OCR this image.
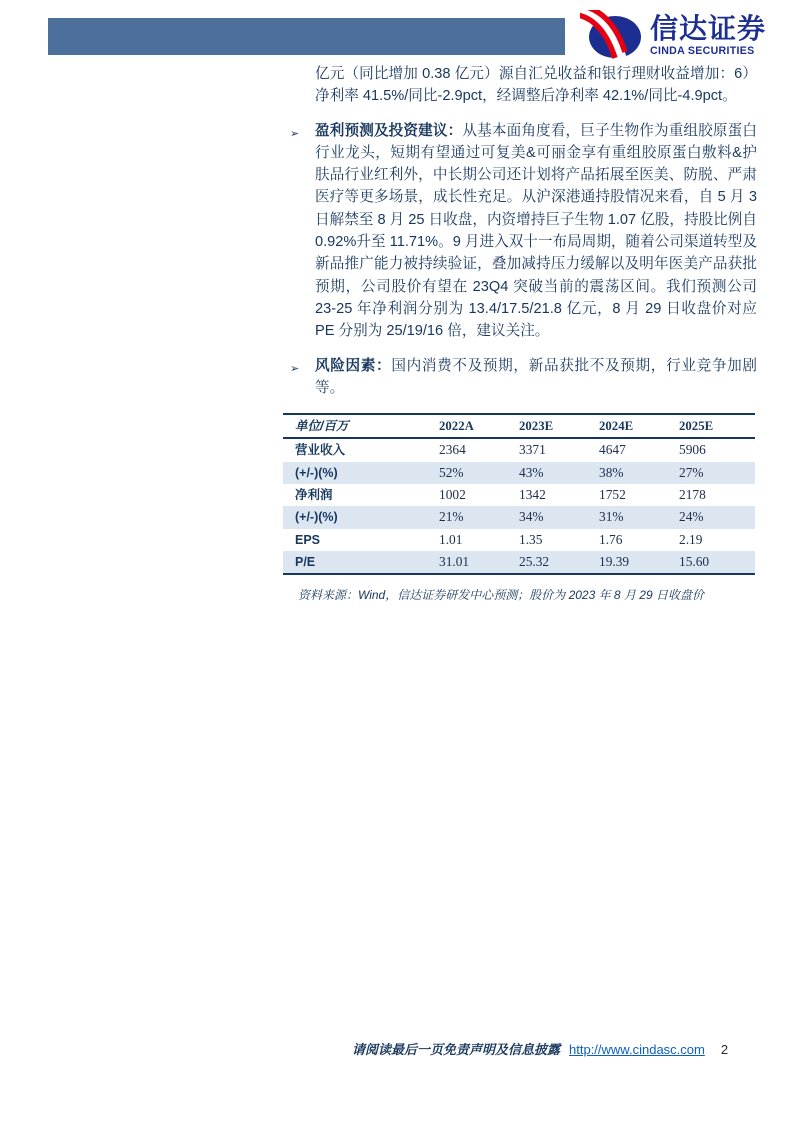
信达证券
CINDA SECURITIES

亿元（同比增加 0.38 亿元）源自汇兑收益和银行理财收益增加：6）净利率 41.5%/同比-2.9pct，经调整后净利率 42.1%/同比-4.9pct。

➢	盈利预测及投资建议：从基本面角度看，巨子生物作为重组胶原蛋白行业龙头，短期有望通过可复美&可丽金享有重组胶原蛋白敷料&护肤品行业红利外，中长期公司还计划将产品拓展至医美、防脱、严肃医疗等更多场景，成长性充足。从沪深港通持股情况来看，自 5 月 3 日解禁至 8 月 25 日收盘，内资增持巨子生物 1.07 亿股，持股比例自 0.92%升至 11.71%。9 月进入双十一布局周期，随着公司渠道转型及新品推广能力被持续验证，叠加减持压力缓解以及明年医美产品获批预期，公司股价有望在 23Q4 突破当前的震荡区间。我们预测公司 23-25 年净利润分别为 13.4/17.5/21.8 亿元，8 月 29 日收盘价对应 PE 分别为 25/19/16 倍，建议关注。
➢	风险因素：国内消费不及预期，新品获批不及预期，行业竞争加剧等。
单位/百万	2022A	2023E	2024E	2025E
营业收入	2364	3371	4647	5906
(+/-)(%)	52%	43%	38%	27%
净利润	1002	1342	1752	2178
(+/-)(%)	21%	34%	31%	24%
EPS	1.01	1.35	1.76	2.19
P/E	31.01	25.32	19.39	15.60

资料来源：Wind，信达证券研发中心预测；股价为 2023 年 8 月 29 日收盘价

请阅读最后一页免责声明及信息披露 http://www.cindasc.com 2
